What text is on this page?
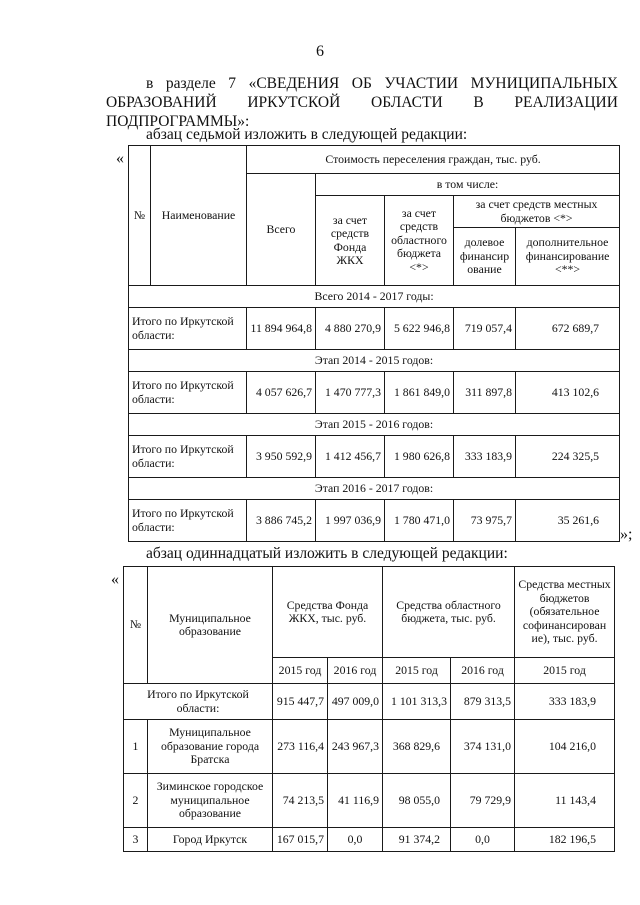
6
в разделе 7 «СВЕДЕНИЯ ОБ УЧАСТИИ МУНИЦИПАЛЬНЫХ
ОБРАЗОВАНИЙ ИРКУТСКОЙ ОБЛАСТИ В РЕАЛИЗАЦИИ
ПОДПРОГРАММЫ»:
абзац седьмой изложить в следующей редакции:
«
№	Наименование	Стоимость переселения граждан, тыс. руб.				
		Всего	в том числе:			
			за счет средств Фонда ЖКХ	за счет средств областного бюджета <*>	за счет средств местных бюджетов <*>	
					долевое финансир ование	дополнительное финансирование <**>
Всего 2014 - 2017 годы:						
Итого по Иркутской области:		11 894 964,8	4 880 270,9	5 622 946,8	719 057,4	672 689,7
Этап 2014 - 2015 годов:						
Итого по Иркутской области:		4 057 626,7	1 470 777,3	1 861 849,0	311 897,8	413 102,6
Этап 2015 - 2016 годов:						
Итого по Иркутской области:		3 950 592,9	1 412 456,7	1 980 626,8	333 183,9	224 325,5
Этап 2016 - 2017 годов:						
Итого по Иркутской области:		3 886 745,2	1 997 036,9	1 780 471,0	73 975,7	35 261,6
»;
абзац одиннадцатый изложить в следующей редакции:
«
№	Муниципальное образование	Средства Фонда ЖКХ, тыс. руб.		Средства областного бюджета, тыс. руб.		Средства местных бюджетов (обязательное софинансирован ие), тыс. руб.
		2015 год	2016 год	2015 год	2016 год	2015 год
Итого по Иркутской области:		915 447,7	497 009,0	1 101 313,3	879 313,5	333 183,9
1	Муниципальное образование города Братска	273 116,4	243 967,3	368 829,6	374 131,0	104 216,0
2	Зиминское городское муниципальное образование	74 213,5	41 116,9	98 055,0	79 729,9	11 143,4
3	Город Иркутск	167 015,7	0,0	91 374,2	0,0	182 196,5
